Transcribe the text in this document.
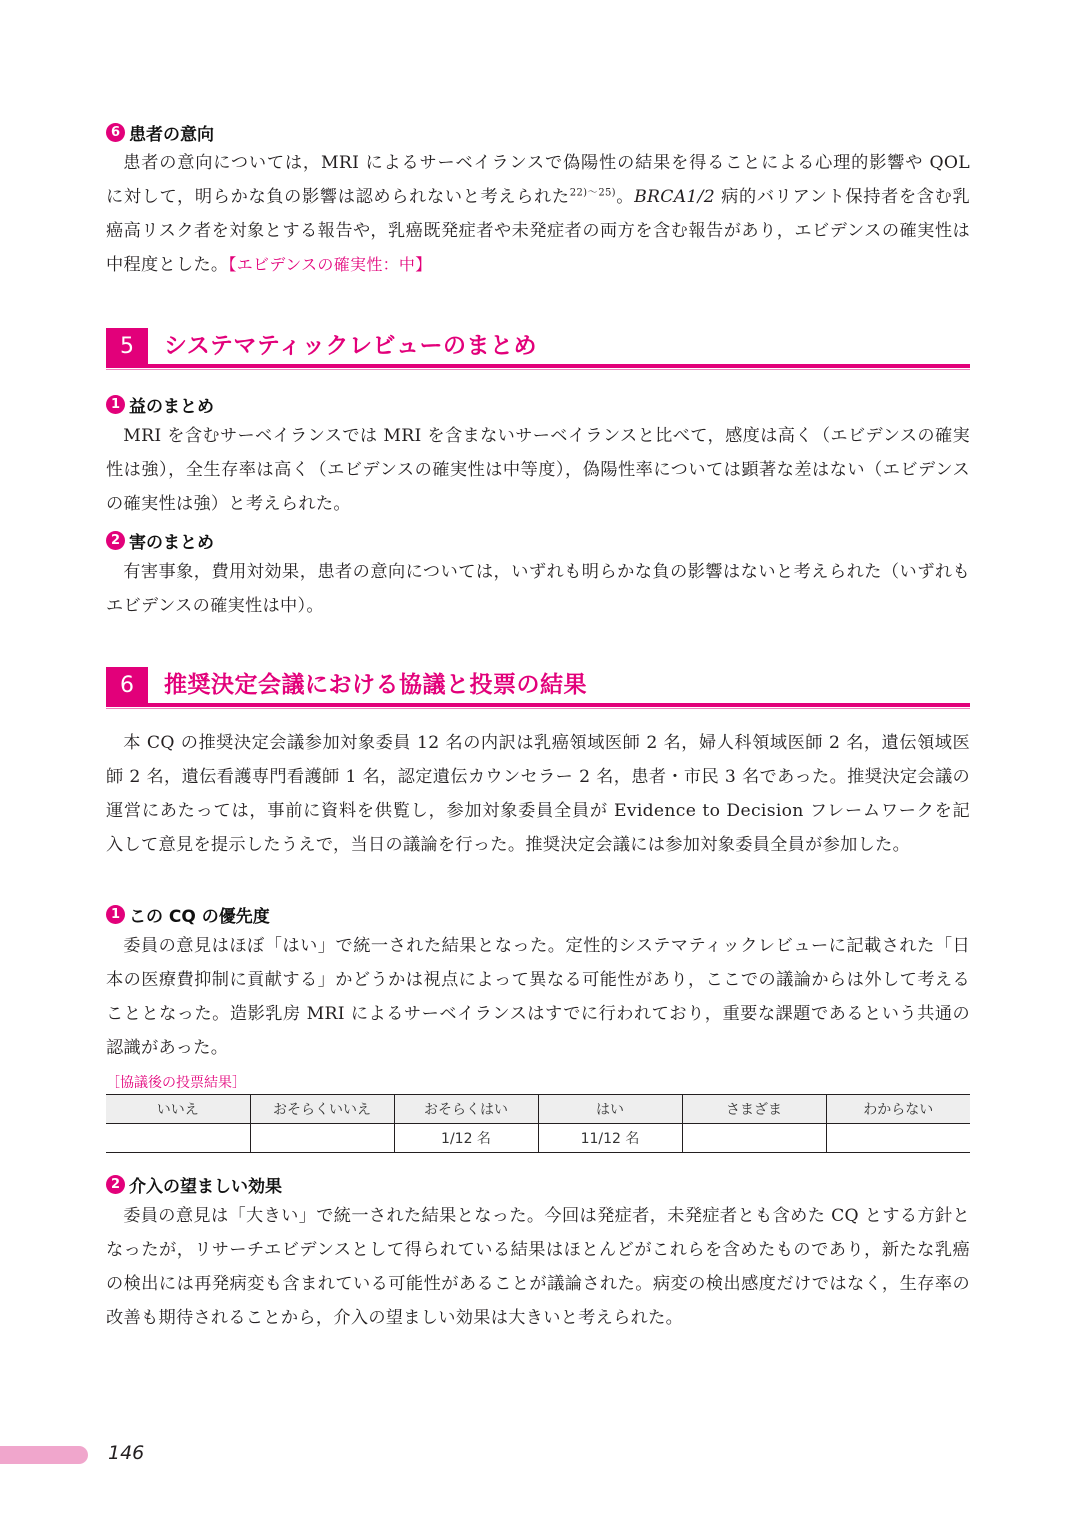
6 患者の意向

患者の意向については，MRI によるサーベイランスで偽陽性の結果を得ることによる心理的影響や QOL に対して，明らかな負の影響は認められないと考えられた$^{22)\sim 25)}$。BRCA1/2 病的バリアント保持者を含む乳癌高リスク者を対象とする報告や，乳癌既発症者や未発症者の両方を含む報告があり，エビデンスの確実性は中程度とした。【エビデンスの確実性：中】

5	システマティックレビューのまとめ
1 益のまとめ

MRI を含むサーベイランスでは MRI を含まないサーベイランスと比べて，感度は高く（エビデンスの確実性は強），全生存率は高く（エビデンスの確実性は中等度），偽陽性率については顕著な差はない（エビデンスの確実性は強）と考えられた。

2 害のまとめ

有害事象，費用対効果，患者の意向については，いずれも明らかな負の影響はないと考えられた（いずれもエビデンスの確実性は中）。

6	推奨決定会議における協議と投票の結果

本 CQ の推奨決定会議参加対象委員 12 名の内訳は乳癌領域医師 2 名，婦人科領域医師 2 名，遺伝領域医師 2 名，遺伝看護専門看護師 1 名，認定遺伝カウンセラー 2 名，患者・市民 3 名であった。推奨決定会議の運営にあたっては，事前に資料を供覧し，参加対象委員全員が Evidence to Decision フレームワークを記入して意見を提示したうえで，当日の議論を行った。推奨決定会議には参加対象委員全員が参加した。

1 この CQ の優先度

委員の意見はほぼ「はい」で統一された結果となった。定性的システマティックレビューに記載された「日本の医療費抑制に貢献する」かどうかは視点によって異なる可能性があり，ここでの議論からは外して考えることとなった。造影乳房 MRI によるサーベイランスはすでに行われており，重要な課題であるという共通の認識があった。

［協議後の投票結果］
いいえ	おそらくいいえ	おそらくはい	はい	さまざま	わからない
		1/12 名	11/12 名		
2 介入の望ましい効果

委員の意見は「大きい」で統一された結果となった。今回は発症者，未発症者とも含めた CQ とする方針となったが，リサーチエビデンスとして得られている結果はほとんどがこれらを含めたものであり，新たな乳癌の検出には再発病変も含まれている可能性があることが議論された。病変の検出感度だけではなく，生存率の改善も期待されることから，介入の望ましい効果は大きいと考えられた。

146
